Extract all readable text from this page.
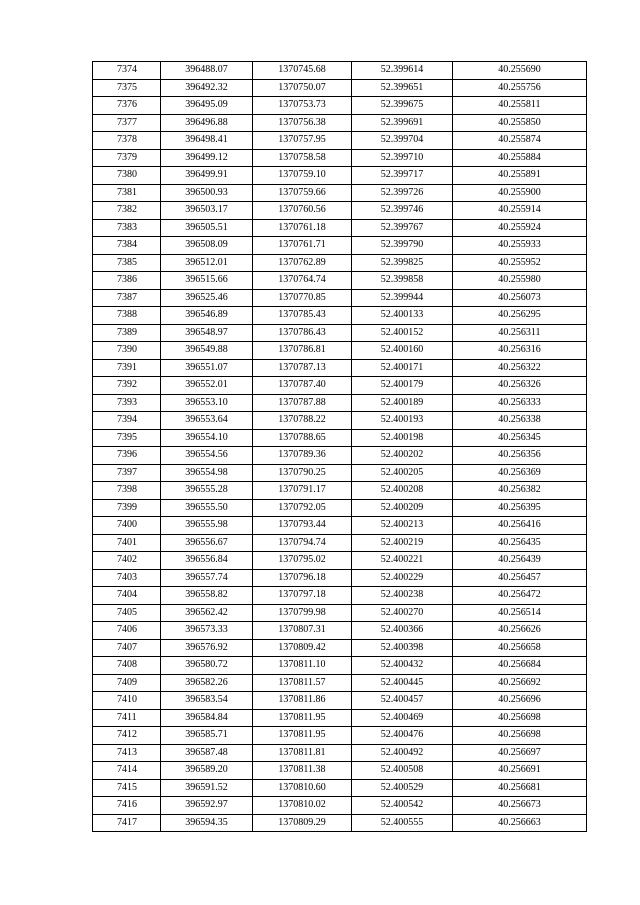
7374	396488.07	1370745.68	52.399614	40.255690
7375	396492.32	1370750.07	52.399651	40.255756
7376	396495.09	1370753.73	52.399675	40.255811
7377	396496.88	1370756.38	52.399691	40.255850
7378	396498.41	1370757.95	52.399704	40.255874
7379	396499.12	1370758.58	52.399710	40.255884
7380	396499.91	1370759.10	52.399717	40.255891
7381	396500.93	1370759.66	52.399726	40.255900
7382	396503.17	1370760.56	52.399746	40.255914
7383	396505.51	1370761.18	52.399767	40.255924
7384	396508.09	1370761.71	52.399790	40.255933
7385	396512.01	1370762.89	52.399825	40.255952
7386	396515.66	1370764.74	52.399858	40.255980
7387	396525.46	1370770.85	52.399944	40.256073
7388	396546.89	1370785.43	52.400133	40.256295
7389	396548.97	1370786.43	52.400152	40.256311
7390	396549.88	1370786.81	52.400160	40.256316
7391	396551.07	1370787.13	52.400171	40.256322
7392	396552.01	1370787.40	52.400179	40.256326
7393	396553.10	1370787.88	52.400189	40.256333
7394	396553.64	1370788.22	52.400193	40.256338
7395	396554.10	1370788.65	52.400198	40.256345
7396	396554.56	1370789.36	52.400202	40.256356
7397	396554.98	1370790.25	52.400205	40.256369
7398	396555.28	1370791.17	52.400208	40.256382
7399	396555.50	1370792.05	52.400209	40.256395
7400	396555.98	1370793.44	52.400213	40.256416
7401	396556.67	1370794.74	52.400219	40.256435
7402	396556.84	1370795.02	52.400221	40.256439
7403	396557.74	1370796.18	52.400229	40.256457
7404	396558.82	1370797.18	52.400238	40.256472
7405	396562.42	1370799.98	52.400270	40.256514
7406	396573.33	1370807.31	52.400366	40.256626
7407	396576.92	1370809.42	52.400398	40.256658
7408	396580.72	1370811.10	52.400432	40.256684
7409	396582.26	1370811.57	52.400445	40.256692
7410	396583.54	1370811.86	52.400457	40.256696
7411	396584.84	1370811.95	52.400469	40.256698
7412	396585.71	1370811.95	52.400476	40.256698
7413	396587.48	1370811.81	52.400492	40.256697
7414	396589.20	1370811.38	52.400508	40.256691
7415	396591.52	1370810.60	52.400529	40.256681
7416	396592.97	1370810.02	52.400542	40.256673
7417	396594.35	1370809.29	52.400555	40.256663
